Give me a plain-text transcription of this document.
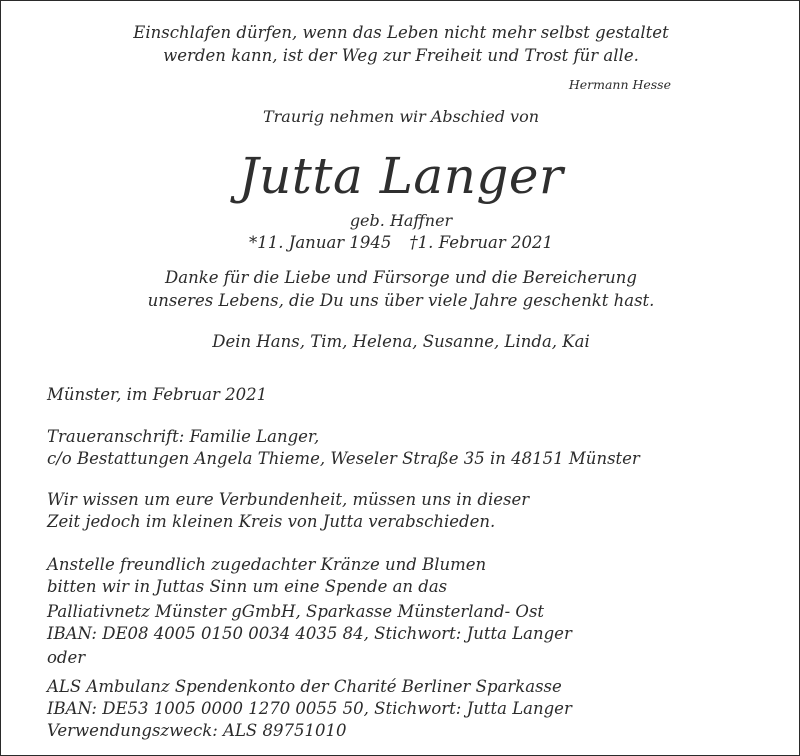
Einschlafen dürfen, wenn das Leben nicht mehr selbst gestaltet
werden kann, ist der Weg zur Freiheit und Trost für alle.
Hermann Hesse
Traurig nehmen wir Abschied von
Jutta Langer
geb. Haffner
*11. Januar 1945 †1. Februar 2021
Danke für die Liebe und Fürsorge und die Bereicherung
unseres Lebens, die Du uns über viele Jahre geschenkt hast.
Dein Hans, Tim, Helena, Susanne, Linda, Kai
Münster, im Februar 2021
Traueranschrift: Familie Langer,
c/o Bestattungen Angela Thieme, Weseler Straße 35 in 48151 Münster
Wir wissen um eure Verbundenheit, müssen uns in dieser
Zeit jedoch im kleinen Kreis von Jutta verabschieden.
Anstelle freundlich zugedachter Kränze und Blumen
bitten wir in Juttas Sinn um eine Spende an das
Palliativnetz Münster gGmbH, Sparkasse Münsterland- Ost
IBAN: DE08 4005 0150 0034 4035 84, Stichwort: Jutta Langer
oder
ALS Ambulanz Spendenkonto der Charité Berliner Sparkasse
IBAN: DE53 1005 0000 1270 0055 50, Stichwort: Jutta Langer
Verwendungszweck: ALS 89751010
